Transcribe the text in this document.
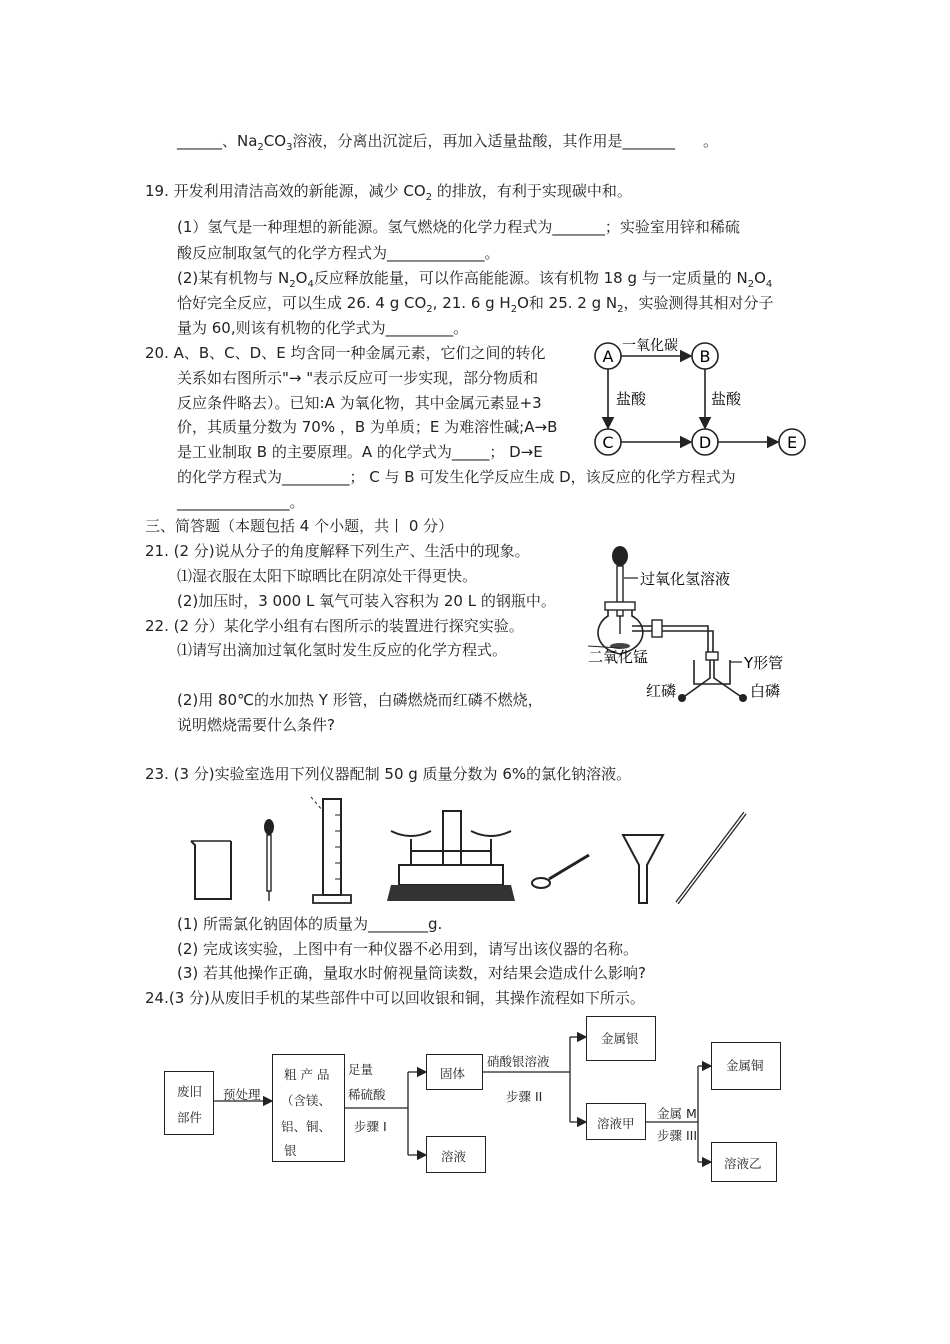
______、$Na_2CO_3$溶液，分离出沉淀后，再加入适量盐酸，其作用是_______ 。
19. 开发利用清洁高效的新能源，减少 $CO_2$ 的排放，有利于实现碳中和。
(1）氢气是一种理想的新能源。氢气燃烧的化学力程式为_______；实验室用锌和稀硫
酸反应制取氢气的化学方程式为_____________。
(2)某有机物与 $N_2O_4$反应释放能量，可以作高能能源。该有机物 18 g 与一定质量的 $N_2O_4$
恰好完全反应，可以生成 26. 4 g $CO_2$, 21. 6 g $H_2O$和 25. 2 g $N_2$，实验测得其相对分子
量为 60,则该有机物的化学式为_________。
20. A、B、C、D、E 均含同一种金属元素，它们之间的转化
关系如右图所示"→ "表示反应可一步实现，部分物质和
反应条件略去）。已知:A 为氧化物，其中金属元素显+3
价，其质量分数为 70% ，B 为单质；E 为难溶性碱;A→B
是工业制取 B 的主要原理。A 的化学式为_____； D→E
的化学方程式为_________； C 与 B 可发生化学反应生成 D，该反应的化学方程式为
_______________。
A	B
C	D	E
一氧化碳
盐酸	盐酸
三、简答题（本题包括 4 个小题，共丨 0 分）
21. (2 分)说从分子的角度解释下列生产、生活中的现象。
⑴湿衣服在太阳下晾晒比在阴凉处干得更快。
(2)加压时，3 000 L 氧气可装入容积为 20 L 的钢瓶中。
22. (2 分）某化学小组有右图所示的装置进行探究实验。
⑴请写出滴加过氧化氢时发生反应的化学方程式。
(2)用 80℃的水加热 Y 形管，白磷燃烧而红磷不燃烧，
说明燃烧需要什么条件?
过氧化氢溶液
二氧化锰	Y形管
红磷	白磷
23. (3 分)实验室选用下列仪器配制 50 g 质量分数为 6%的氯化钠溶液。
(1) 所需氯化钠固体的质量为________g.
(2) 完成该实验，上图中有一种仪器不必用到，请写出该仪器的名称。
(3) 若其他操作正确，量取水时俯视量筒读数，对结果会造成什么影响?
24.(3 分)从废旧手机的某些部件中可以回收银和铜，其操作流程如下所示。
废旧
部件
预处理
粗 产 品
（含镁、
铝、铜、
银
足量
稀硫酸
步骤 I
固体
溶液
硝酸银溶液
步骤 II
金属银
溶液甲
金属 M
步骤 III
金属铜
溶液乙
